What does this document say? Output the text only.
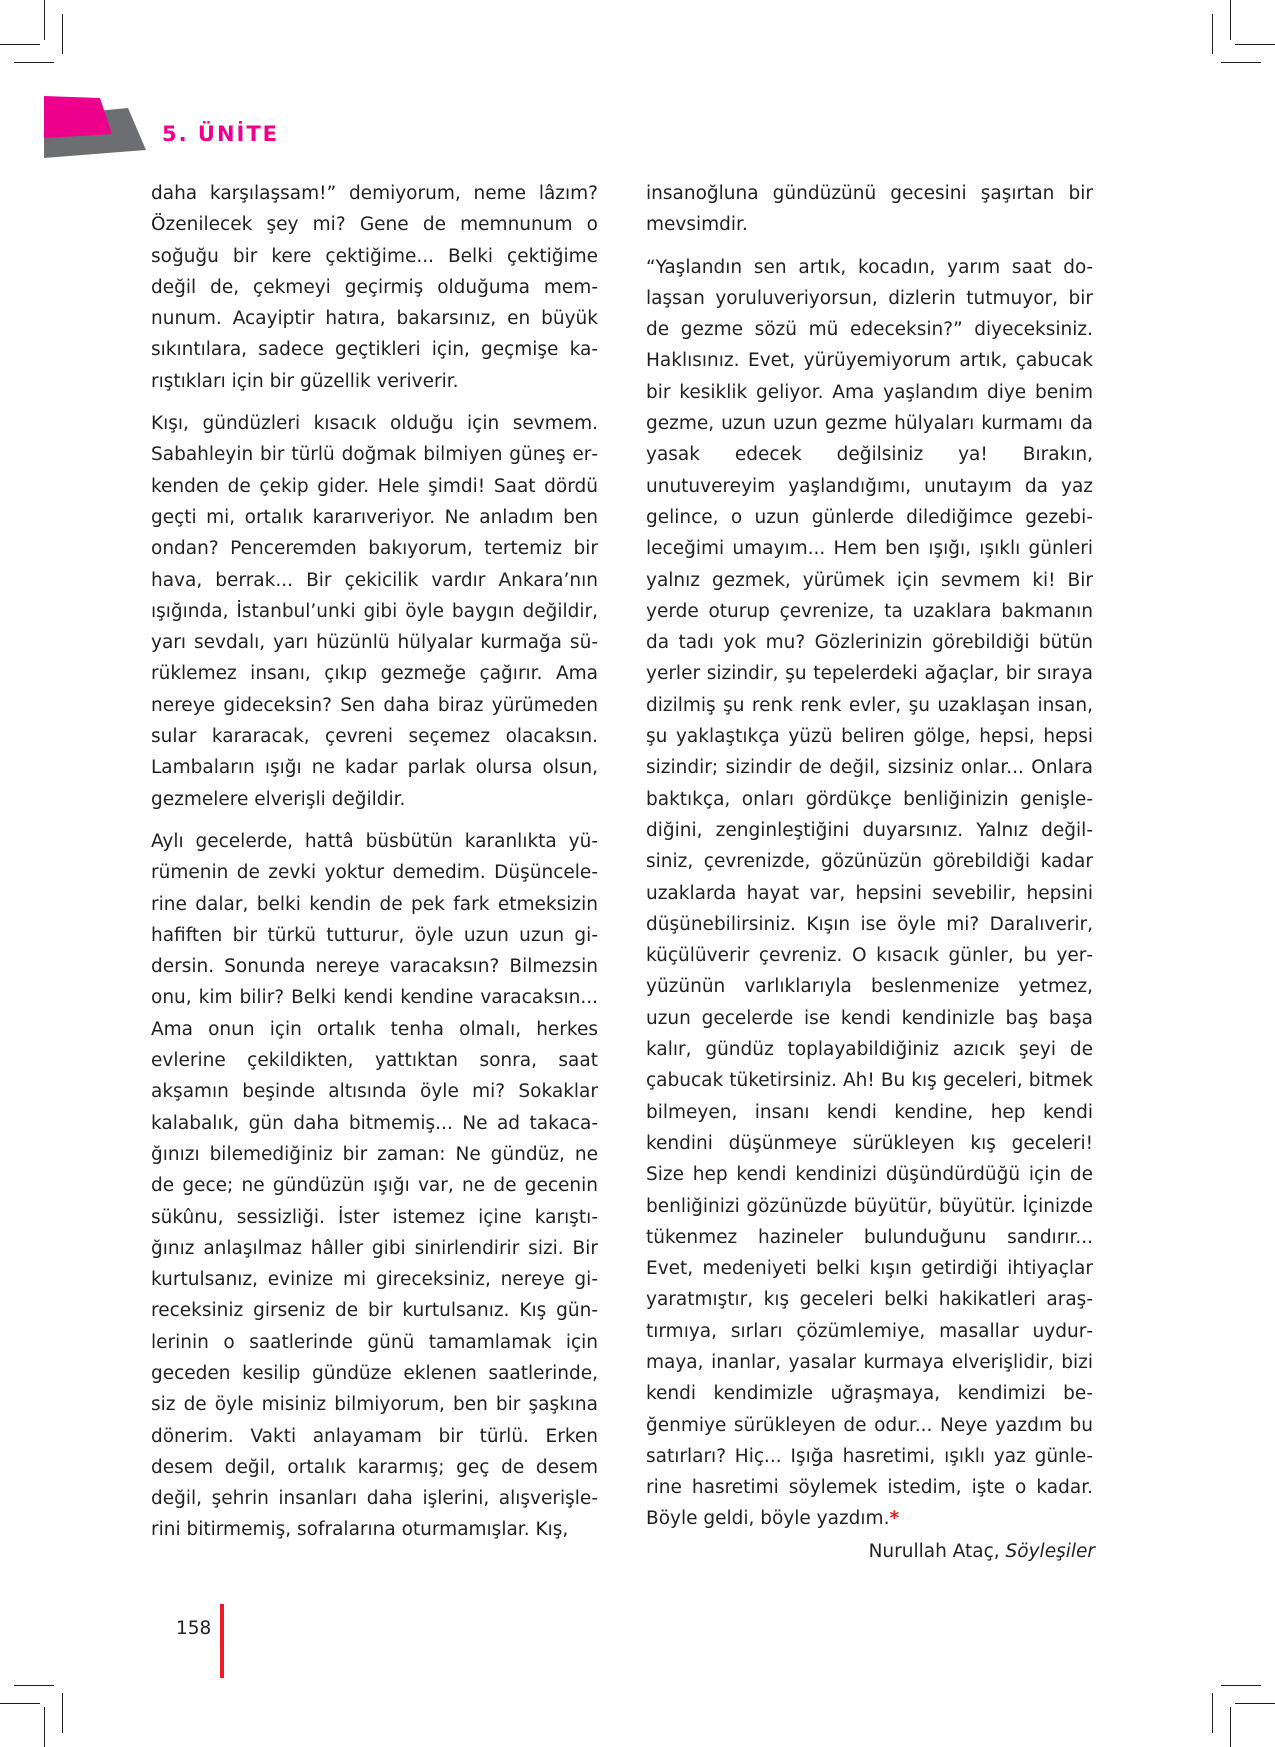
5. ÜNİTE

daha karşılaşsam!” demiyorum, neme lâzım? Özenilecek şey mi? Gene de memnunum o soğuğu bir kere çektiğime... Belki çektiğime değil de, çekmeyi geçirmiş olduğuma memnunum. Acayiptir hatıra, bakarsınız, en büyük sıkıntılara, sadece geçtikleri için, geçmişe karıştıkları için bir güzellik veriverir.

Kışı, gündüzleri kısacık olduğu için sevmem. Sabahleyin bir türlü doğmak bilmiyen güneş erkenden de çekip gider. Hele şimdi! Saat dördü geçti mi, ortalık kararıveriyor. Ne anladım ben ondan? Penceremden bakıyorum, tertemiz bir hava, berrak... Bir çekicilik vardır Ankara’nın ışığında, İstanbul’unki gibi öyle baygın değildir, yarı sevdalı, yarı hüzünlü hülyalar kurmağa sürüklemez insanı, çıkıp gezmeğe çağırır. Ama nereye gideceksin? Sen daha biraz yürümeden sular kararacak, çevreni seçemez olacaksın. Lambaların ışığı ne kadar parlak olursa olsun, gezmelere elverişli değildir.

Aylı gecelerde, hattâ büsbütün karanlıkta yürümenin de zevki yoktur demedim. Düşüncelerine dalar, belki kendin de pek fark etmeksizin hafiften bir türkü tutturur, öyle uzun uzun gidersin. Sonunda nereye varacaksın? Bilmezsin onu, kim bilir? Belki kendi kendine varacaksın... Ama onun için ortalık tenha olmalı, herkes evlerine çekildikten, yattıktan sonra, saat akşamın beşinde altısında öyle mi? Sokaklar kalabalık, gün daha bitmemiş... Ne ad takacağınızı bilemediğiniz bir zaman: Ne gündüz, ne de gece; ne gündüzün ışığı var, ne de gecenin sükûnu, sessizliği. İster istemez içine karıştığınız anlaşılmaz hâller gibi sinirlendirir sizi. Bir kurtulsanız, evinize mi gireceksiniz, nereye gireceksiniz girseniz de bir kurtulsanız. Kış günlerinin o saatlerinde günü tamamlamak için geceden kesilip gündüze eklenen saatlerinde, siz de öyle misiniz bilmiyorum, ben bir şaşkına dönerim. Vakti anlayamam bir türlü. Erken desem değil, ortalık kararmış; geç de desem değil, şehrin insanları daha işlerini, alışverişlerini bitirmemiş, sofralarına oturmamışlar. Kış,

insanoğluna gündüzünü gecesini şaşırtan bir mevsimdir.

“Yaşlandın sen artık, kocadın, yarım saat dolaşsan yoruluveriyorsun, dizlerin tutmuyor, bir de gezme sözü mü edeceksin?” diyeceksiniz. Haklısınız. Evet, yürüyemiyorum artık, çabucak bir kesiklik geliyor. Ama yaşlandım diye benim gezme, uzun uzun gezme hülyaları kurmamı da yasak edecek değilsiniz ya! Bırakın, unutuvereyim yaşlandığımı, unutayım da yaz gelince, o uzun günlerde dilediğimce gezebileceğimi umayım... Hem ben ışığı, ışıklı günleri yalnız gezmek, yürümek için sevmem ki! Bir yerde oturup çevrenize, ta uzaklara bakmanın da tadı yok mu? Gözlerinizin görebildiği bütün yerler sizindir, şu tepelerdeki ağaçlar, bir sıraya dizilmiş şu renk renk evler, şu uzaklaşan insan, şu yaklaştıkça yüzü beliren gölge, hepsi, hepsi sizindir; sizindir de değil, sizsiniz onlar... Onlara baktıkça, onları gördükçe benliğinizin genişlediğini, zenginleştiğini duyarsınız. Yalnız değilsiniz, çevrenizde, gözünüzün görebildiği kadar uzaklarda hayat var, hepsini sevebilir, hepsini düşünebilirsiniz. Kışın ise öyle mi? Daralıverir, küçülüverir çevreniz. O kısacık günler, bu yeryüzünün varlıklarıyla beslenmenize yetmez, uzun gecelerde ise kendi kendinizle baş başa kalır, gündüz toplayabildiğiniz azıcık şeyi de çabucak tüketirsiniz. Ah! Bu kış geceleri, bitmek bilmeyen, insanı kendi kendine, hep kendi kendini düşünmeye sürükleyen kış geceleri! Size hep kendi kendinizi düşündürdüğü için de benliğinizi gözünüzde büyütür, büyütür. İçinizde tükenmez hazineler bulunduğunu sandırır... Evet, medeniyeti belki kışın getirdiği ihtiyaçlar yaratmıştır, kış geceleri belki hakikatleri araştırmıya, sırları çözümlemiye, masallar uydurmaya, inanlar, yasalar kurmaya elverişlidir, bizi kendi kendimizle uğraşmaya, kendimizi beğenmiye sürükleyen de odur... Neye yazdım bu satırları? Hiç... Işığa hasretimi, ışıklı yaz günlerine hasretimi söylemek istedim, işte o kadar. Böyle geldi, böyle yazdım.*

Nurullah Ataç, Söyleşiler
158
